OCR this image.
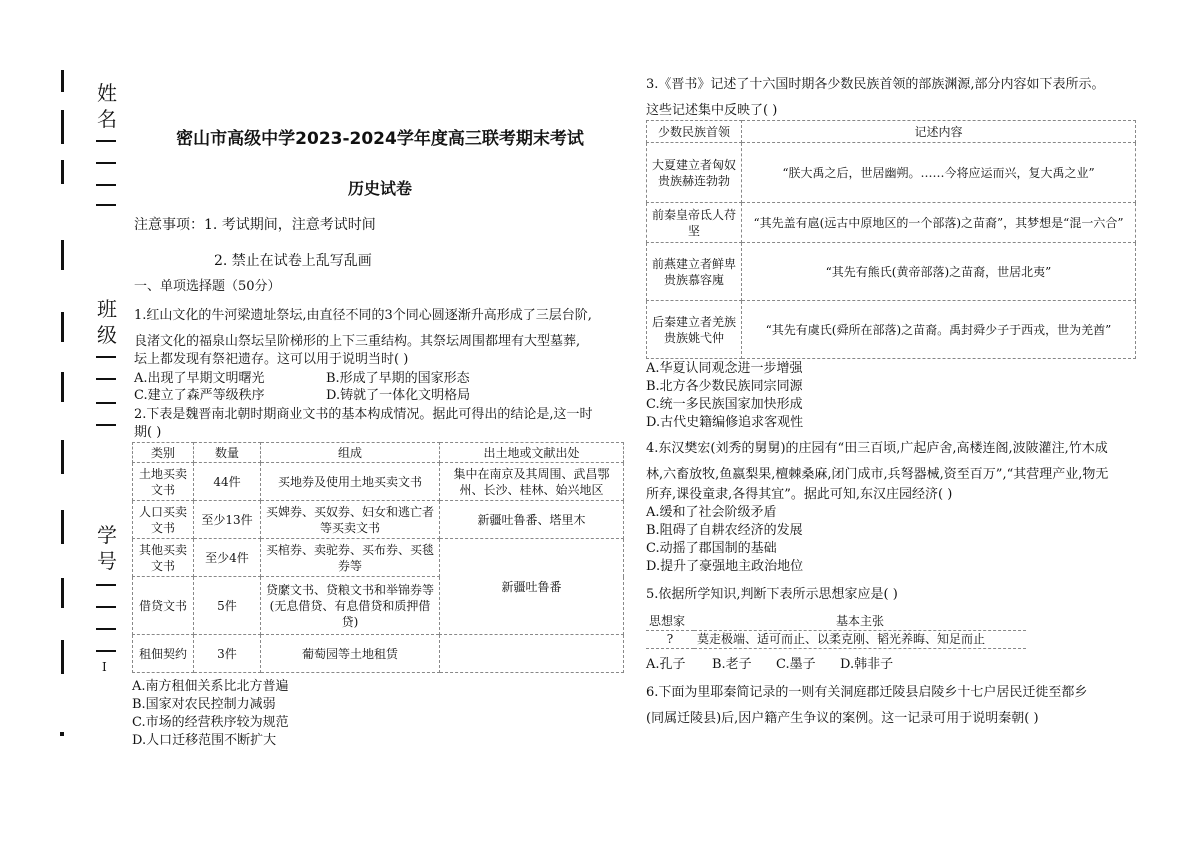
姓名
班级
学号
I
密山市高级中学2023-2024学年度高三联考期末考试
历史试卷
注意事项：1. 考试期间，注意考试时间
2. 禁止在试卷上乱写乱画
一、单项选择题（50分）
1.红山文化的牛河梁遗址祭坛,由直径不同的3个同心圆逐渐升高形成了三层台阶,
良渚文化的福泉山祭坛呈阶梯形的上下三重结构。其祭坛周围都埋有大型墓葬,
坛上都发现有祭祀遗存。这可以用于说明当时( )
A.出现了早期文明曙光	B.形成了早期的国家形态
C.建立了森严等级秩序	D.铸就了一体化文明格局
2.下表是魏晋南北朝时期商业文书的基本构成情况。据此可得出的结论是,这一时
期( )
类别	数量	组成	出土地或文献出处
土地买卖文书	44件	买地券及使用土地买卖文书	集中在南京及其周围、武昌鄂州、长沙、桂林、始兴地区
人口买卖文书	至少13件	买婢券、买奴券、妇女和逃亡者等买卖文书	新疆吐鲁番、塔里木
其他买卖文书	至少4件	买棺券、卖驼券、买布券、买毯券等	新疆吐鲁番
借贷文书	5件	贷縻文书、贷粮文书和举锦券等(无息借贷、有息借贷和质押借贷)	
租佃契约	3件	葡萄园等土地租赁	
A.南方租佃关系比北方普遍
B.国家对农民控制力减弱
C.市场的经营秩序较为规范
D.人口迁移范围不断扩大
3.《晋书》记述了十六国时期各少数民族首领的部族渊源,部分内容如下表所示。
这些记述集中反映了( )
少数民族首领	记述内容
大夏建立者匈奴贵族赫连勃勃	“朕大禹之后，世居幽朔。……今将应运而兴，复大禹之业”
前秦皇帝氐人苻坚	“其先盖有扈(远古中原地区的一个部落)之苗裔”，其梦想是“混一六合”
前燕建立者鲜卑贵族慕容廆	“其先有熊氏(黄帝部落)之苗裔，世居北夷”
后秦建立者羌族贵族姚弋仲	“其先有虞氏(舜所在部落)之苗裔。禹封舜少子于西戎，世为羌酋”
A.华夏认同观念进一步增强
B.北方各少数民族同宗同源
C.统一多民族国家加快形成
D.古代史籍编修追求客观性
4.东汉樊宏(刘秀的舅舅)的庄园有“田三百顷,广起庐舍,高楼连阁,波陂灌注,竹木成
林,六畜放牧,鱼嬴梨果,檀棘桑麻,闭门成市,兵弩器械,资至百万”,“其营理产业,物无
所弃,课役童隶,各得其宜”。据此可知,东汉庄园经济( )
A.缓和了社会阶级矛盾
B.阻碍了自耕农经济的发展
C.动摇了郡国制的基础
D.提升了豪强地主政治地位
5.依据所学知识,判断下表所示思想家应是( )
思想家	基本主张
?	莫走极端、适可而止、以柔克刚、韬光养晦、知足而止
A.孔子 B.老子 C.墨子 D.韩非子
6.下面为里耶秦简记录的一则有关洞庭郡迁陵县启陵乡十七户居民迁徙至都乡
(同属迁陵县)后,因户籍产生争议的案例。这一记录可用于说明秦朝( )
